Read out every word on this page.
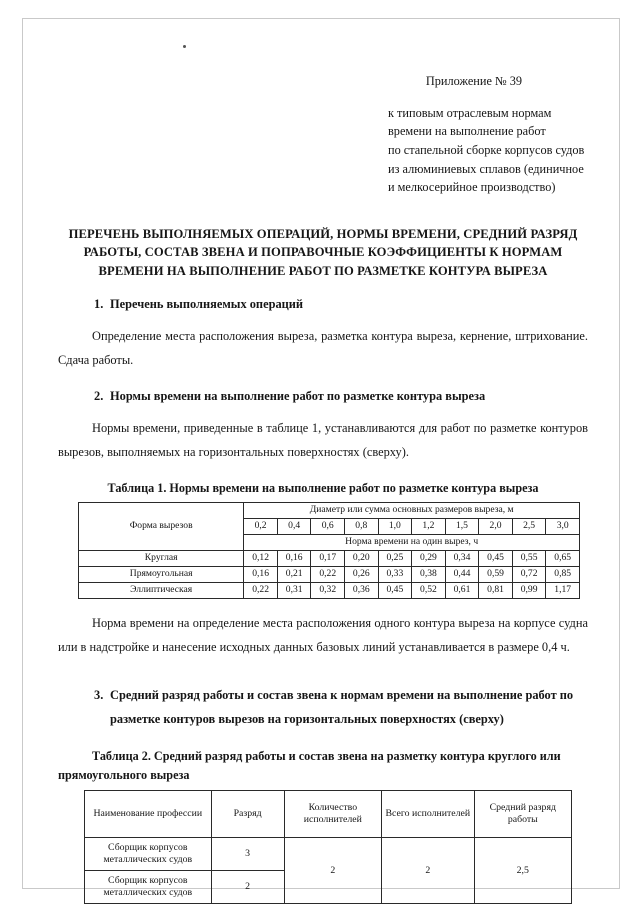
Приложение № 39
к типовым отраслевым нормам
времени на выполнение работ
по стапельной сборке корпусов судов
из алюминиевых сплавов (единичное
и мелкосерийное производство)
ПЕРЕЧЕНЬ ВЫПОЛНЯЕМЫХ ОПЕРАЦИЙ, НОРМЫ ВРЕМЕНИ, СРЕДНИЙ РАЗРЯД РАБОТЫ, СОСТАВ ЗВЕНА И ПОПРАВОЧНЫЕ КОЭФФИЦИЕНТЫ К НОРМАМ ВРЕМЕНИ НА ВЫПОЛНЕНИЕ РАБОТ ПО РАЗМЕТКЕ КОНТУРА ВЫРЕЗА
1. Перечень выполняемых операций

Определение места расположения выреза, разметка контура выреза, кернение, штрихование. Сдача работы.

2. Нормы времени на выполнение работ по разметке контура выреза

Нормы времени, приведенные в таблице 1, устанавливаются для работ по разметке контуров вырезов, выполняемых на горизонтальных поверхностях (сверху).

Таблица 1. Нормы времени на выполнение работ по разметке контура выреза
Форма вырезов	Диаметр или сумма основных размеров выреза, м									
	0,2	0,4	0,6	0,8	1,0	1,2	1,5	2,0	2,5	3,0
	Норма времени на один вырез, ч									
Круглая	0,12	0,16	0,17	0,20	0,25	0,29	0,34	0,45	0,55	0,65
Прямоугольная	0,16	0,21	0,22	0,26	0,33	0,38	0,44	0,59	0,72	0,85
Эллиптическая	0,22	0,31	0,32	0,36	0,45	0,52	0,61	0,81	0,99	1,17

Норма времени на определение места расположения одного контура выреза на корпусе судна или в надстройке и нанесение исходных данных базовых линий устанавливается в размере 0,4 ч.

3. Средний разряд работы и состав звена к нормам времени на выполнение работ по разметке контуров вырезов на горизонтальных поверхностях (сверху)
Таблица 2. Средний разряд работы и состав звена на разметку контура круглого или прямоугольного выреза
Наименование профессии	Разряд	Количество исполнителей	Всего исполнителей	Средний разряд работы
Сборщик корпусов металлических судов	3	2	2	2,5
Сборщик корпусов металлических судов	2			
